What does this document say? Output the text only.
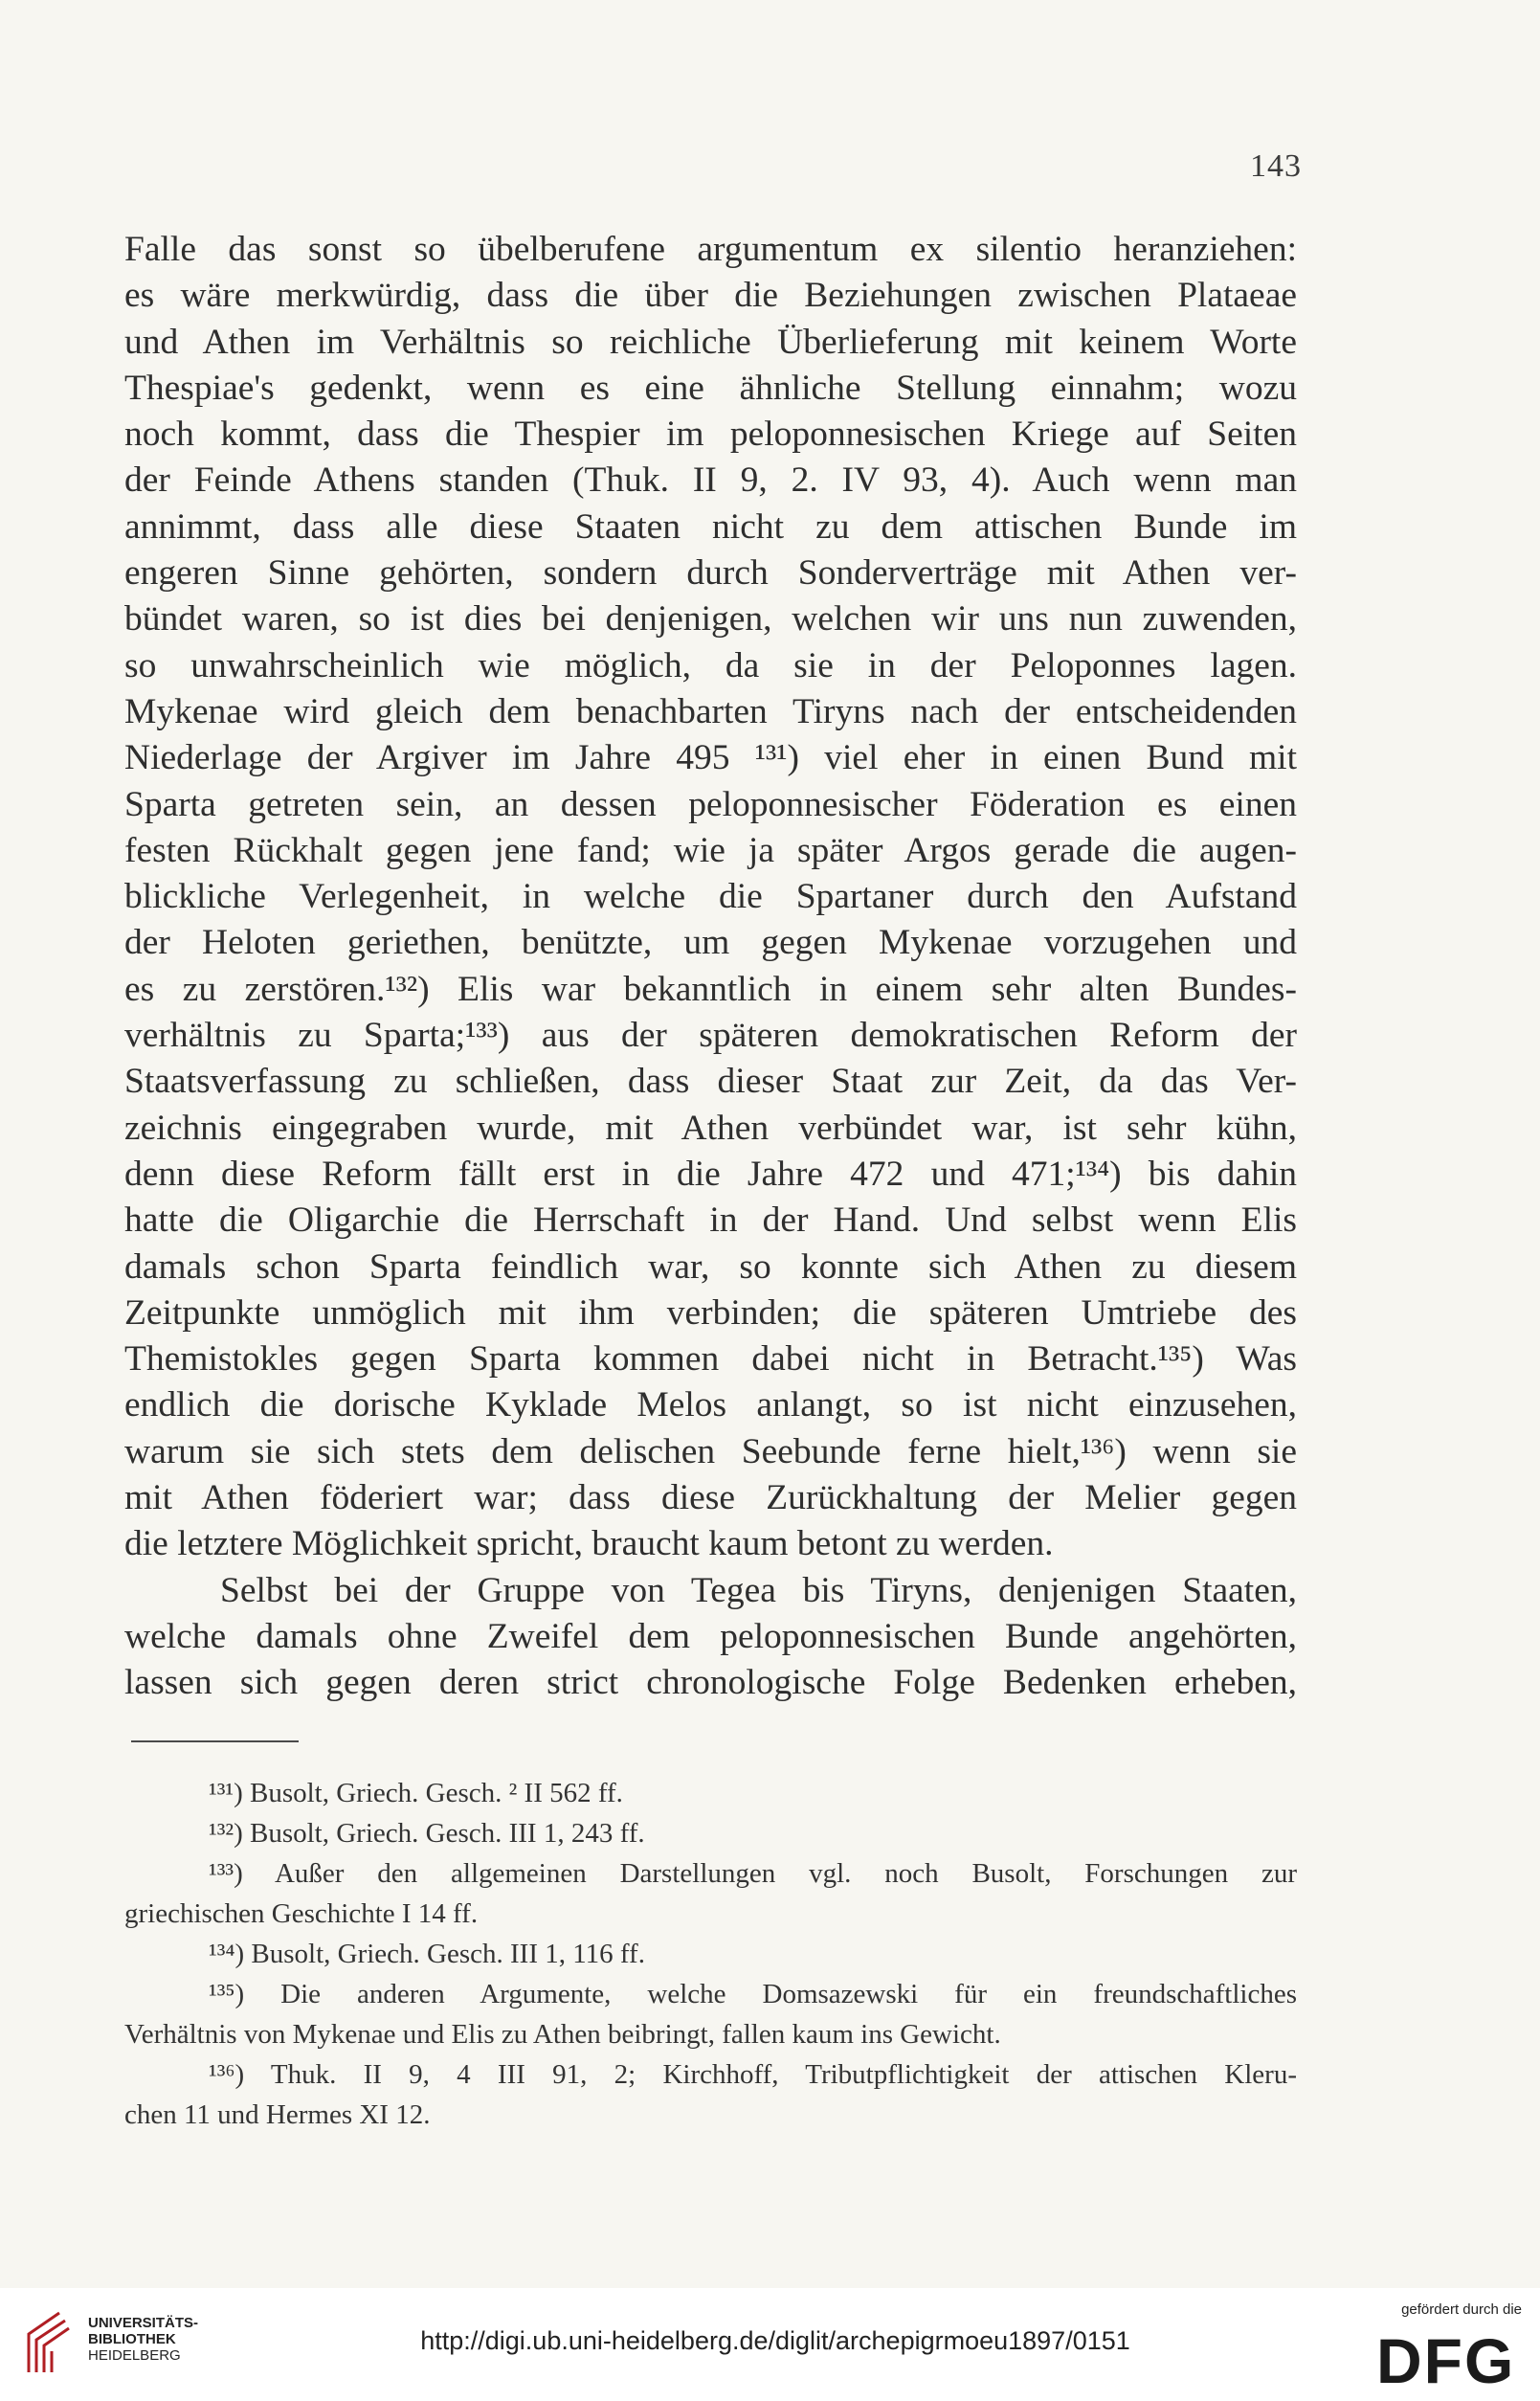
143
Falle das sonst so übelberufene argumentum ex silentio heranziehen:
es wäre merkwürdig, dass die über die Beziehungen zwischen Plataeae
und Athen im Verhältnis so reichliche Überlieferung mit keinem Worte
Thespiae's gedenkt, wenn es eine ähnliche Stellung einnahm; wozu
noch kommt, dass die Thespier im peloponnesischen Kriege auf Seiten
der Feinde Athens standen (Thuk. II 9, 2. IV 93, 4). Auch wenn man
annimmt, dass alle diese Staaten nicht zu dem attischen Bunde im
engeren Sinne gehörten, sondern durch Sonderverträge mit Athen ver-
bündet waren, so ist dies bei denjenigen, welchen wir uns nun zuwenden,
so unwahrscheinlich wie möglich, da sie in der Peloponnes lagen.
Mykenae wird gleich dem benachbarten Tiryns nach der entscheidenden
Niederlage der Argiver im Jahre 495 ¹³¹) viel eher in einen Bund mit
Sparta getreten sein, an dessen peloponnesischer Föderation es einen
festen Rückhalt gegen jene fand; wie ja später Argos gerade die augen-
blickliche Verlegenheit, in welche die Spartaner durch den Aufstand
der Heloten geriethen, benützte, um gegen Mykenae vorzugehen und
es zu zerstören.¹³²) Elis war bekanntlich in einem sehr alten Bundes-
verhältnis zu Sparta;¹³³) aus der späteren demokratischen Reform der
Staatsverfassung zu schließen, dass dieser Staat zur Zeit, da das Ver-
zeichnis eingegraben wurde, mit Athen verbündet war, ist sehr kühn,
denn diese Reform fällt erst in die Jahre 472 und 471;¹³⁴) bis dahin
hatte die Oligarchie die Herrschaft in der Hand. Und selbst wenn Elis
damals schon Sparta feindlich war, so konnte sich Athen zu diesem
Zeitpunkte unmöglich mit ihm verbinden; die späteren Umtriebe des
Themistokles gegen Sparta kommen dabei nicht in Betracht.¹³⁵) Was
endlich die dorische Kyklade Melos anlangt, so ist nicht einzusehen,
warum sie sich stets dem delischen Seebunde ferne hielt,¹³⁶) wenn sie
mit Athen föderiert war; dass diese Zurückhaltung der Melier gegen
die letztere Möglichkeit spricht, braucht kaum betont zu werden.
Selbst bei der Gruppe von Tegea bis Tiryns, denjenigen Staaten,
welche damals ohne Zweifel dem peloponnesischen Bunde angehörten,
lassen sich gegen deren strict chronologische Folge Bedenken erheben,
¹³¹) Busolt, Griech. Gesch. ² II 562 ff.
¹³²) Busolt, Griech. Gesch. III 1, 243 ff.
¹³³) Außer den allgemeinen Darstellungen vgl. noch Busolt, Forschungen zur
griechischen Geschichte I 14 ff.
¹³⁴) Busolt, Griech. Gesch. III 1, 116 ff.
¹³⁵) Die anderen Argumente, welche Domsazewski für ein freundschaftliches
Verhältnis von Mykenae und Elis zu Athen beibringt, fallen kaum ins Gewicht.
¹³⁶) Thuk. II 9, 4 III 91, 2; Kirchhoff, Tributpflichtigkeit der attischen Kleru-
chen 11 und Hermes XI 12.
UNIVERSITÄTS-
BIBLIOTHEK
HEIDELBERG
http://digi.ub.uni-heidelberg.de/diglit/archepigrmoeu1897/0151
gefördert durch die
DFG
